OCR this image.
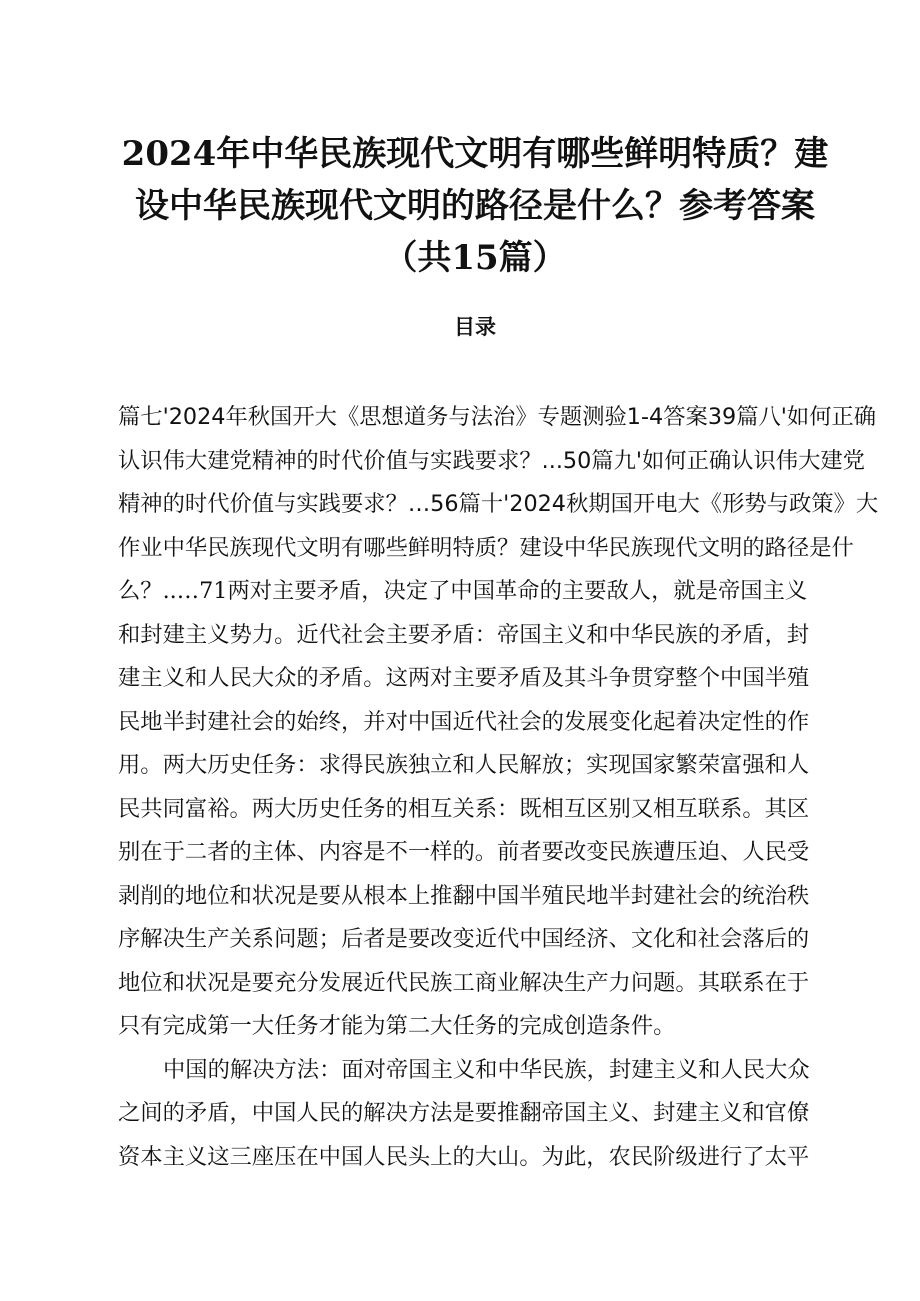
2024年中华民族现代文明有哪些鲜明特质？建
设中华民族现代文明的路径是什么？参考答案
（共15篇）
目录
篇七'2024年秋国开大《思想道务与法治》专题测验1-4答案39篇八'如何正确
认识伟大建党精神的时代价值与实践要求？...50篇九'如何正确认识伟大建党
精神的时代价值与实践要求？…56篇十'2024秋期国开电大《形势与政策》大
作业中华民族现代文明有哪些鲜明特质？建设中华民族现代文明的路径是什
么？..…71两对主要矛盾，决定了中国革命的主要敌人，就是帝国主义
和封建主义势力。近代社会主要矛盾：帝国主义和中华民族的矛盾，封
建主义和人民大众的矛盾。这两对主要矛盾及其斗争贯穿整个中国半殖
民地半封建社会的始终，并对中国近代社会的发展变化起着决定性的作
用。两大历史任务：求得民族独立和人民解放；实现国家繁荣富强和人
民共同富裕。两大历史任务的相互关系：既相互区别又相互联系。其区
别在于二者的主体、内容是不一样的。前者要改变民族遭压迫、人民受
剥削的地位和状况是要从根本上推翻中国半殖民地半封建社会的统治秩
序解决生产关系问题；后者是要改变近代中国经济、文化和社会落后的
地位和状况是要充分发展近代民族工商业解决生产力问题。其联系在于
只有完成第一大任务才能为第二大任务的完成创造条件。
中国的解决方法：面对帝国主义和中华民族，封建主义和人民大众
之间的矛盾，中国人民的解决方法是要推翻帝国主义、封建主义和官僚
资本主义这三座压在中国人民头上的大山。为此，农民阶级进行了太平
